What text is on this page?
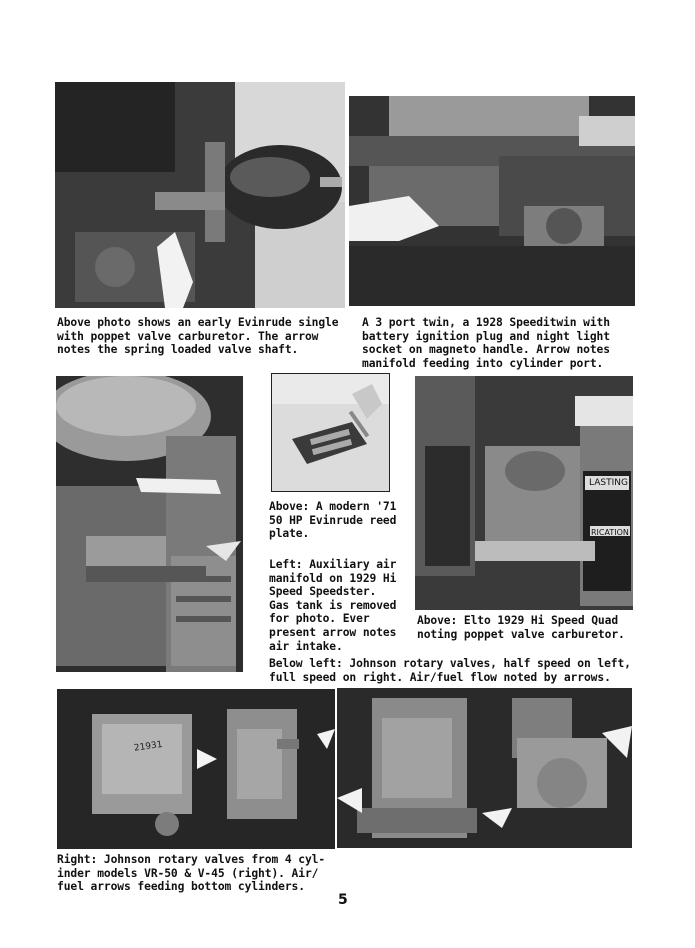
Above photo shows an early Evinrude single
with poppet valve carburetor. The arrow
notes the spring loaded valve shaft.
A 3 port twin, a 1928 Speeditwin with
battery ignition plug and night light
socket on magneto handle. Arrow notes
manifold feeding into cylinder port.
Above: A modern '71
50 HP Evinrude reed
plate.
Left: Auxiliary air
manifold on 1929 Hi
Speed Speedster.
Gas tank is removed
for photo. Ever
present arrow notes
air intake.
LASTING
RICATION
Above: Elto 1929 Hi Speed Quad
noting poppet valve carburetor.
Below left: Johnson rotary valves, half speed on left,
full speed on right. Air/fuel flow noted by arrows.
21931
Right: Johnson rotary valves from 4 cyl-
inder models VR-50 & V-45 (right). Air/
fuel arrows feeding bottom cylinders.
5
